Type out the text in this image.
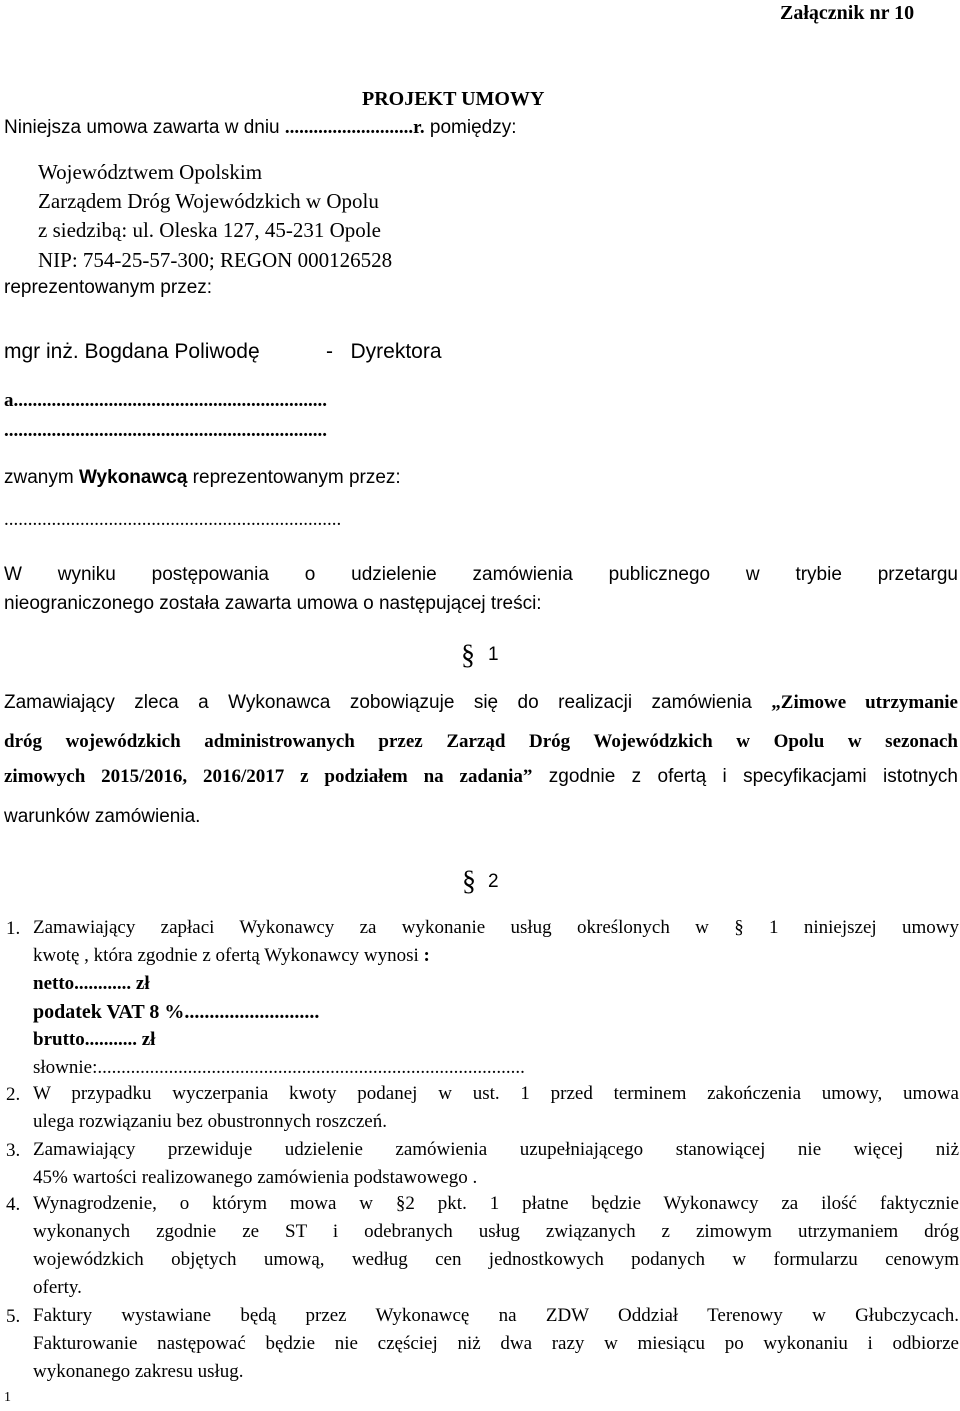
Załącznik nr 10
PROJEKT UMOWY
Niniejsza umowa zawarta w dniu ...........................r. pomiędzy:
Województwem Opolskim
Zarządem Dróg Wojewódzkich w Opolu
z siedzibą: ul. Oleska 127, 45-231 Opole
NIP: 754-25-57-300; REGON 000126528
reprezentowanym przez:
mgr inż. Bogdana Poliwodę	-   Dyrektora
a..................................................................
....................................................................
zwanym Wykonawcą reprezentowanym przez:
.......................................................................
W wyniku postępowania o udzielenie zamówienia publicznego w trybie przetargu
nieograniczonego została zawarta umowa o następującej treści:
§ 1
Zamawiający zleca a Wykonawca zobowiązuje się do realizacji zamówienia „Zimowe utrzymanie
dróg wojewódzkich administrowanych przez Zarząd Dróg Wojewódzkich w Opolu w sezonach
zimowych 2015/2016, 2016/2017 z podziałem na zadania” zgodnie z ofertą i specyfikacjami istotnych
warunków zamówienia.
§ 2
1. Zamawiający zapłaci Wykonawcy za wykonanie usług określonych w § 1 niniejszej umowy
kwotę , która zgodnie z ofertą Wykonawcy wynosi :
netto............ zł
podatek VAT 8 %...........................
brutto........... zł
słownie:..........................................................................................
2. W przypadku wyczerpania kwoty podanej w ust. 1 przed terminem zakończenia umowy, umowa
ulega rozwiązaniu bez obustronnych roszczeń.
3. Zamawiający przewiduje udzielenie zamówienia uzupełniającego stanowiącej nie więcej niż
45% wartości realizowanego zamówienia podstawowego .
4. Wynagrodzenie, o którym mowa w §2 pkt. 1 płatne będzie Wykonawcy za ilość faktycznie
wykonanych zgodnie ze ST i odebranych usług związanych z zimowym utrzymaniem dróg
wojewódzkich objętych umową, według cen jednostkowych podanych w formularzu cenowym
oferty.
5. Faktury wystawiane będą przez Wykonawcę na ZDW Oddział Terenowy w Głubczycach.
Fakturowanie następować będzie nie częściej niż dwa razy w miesiącu po wykonaniu i odbiorze
wykonanego zakresu usług.
1
